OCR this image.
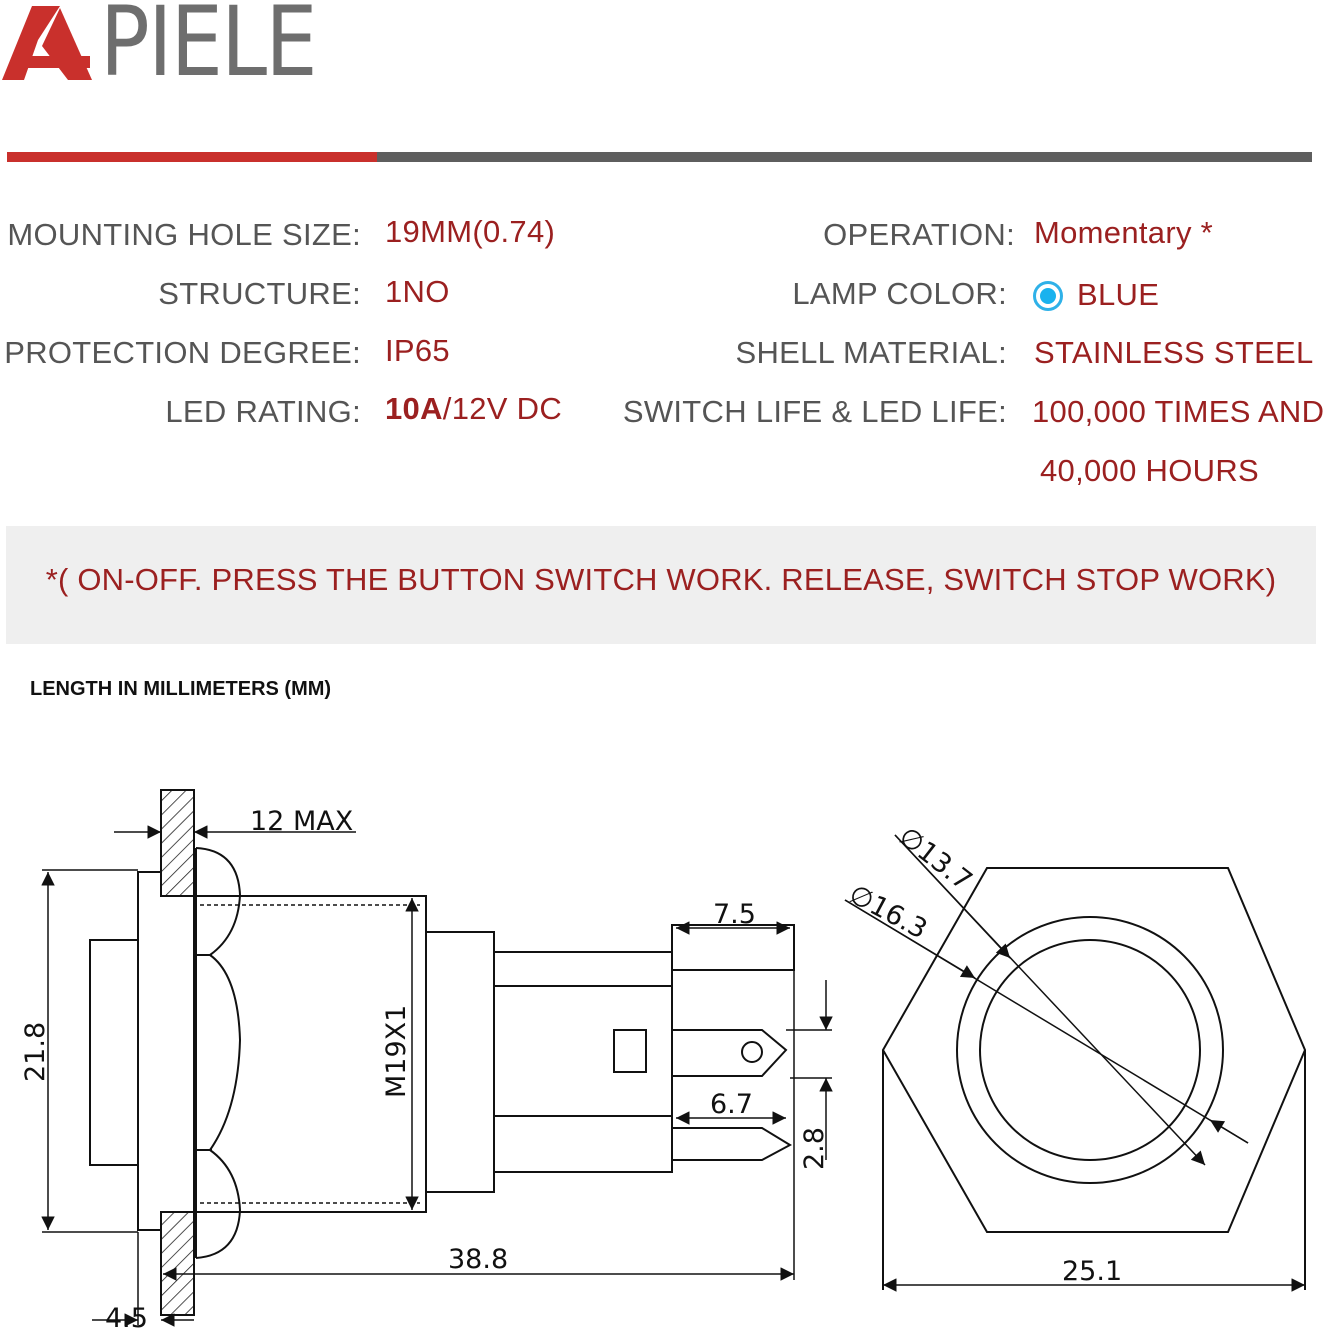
PIELE
MOUNTING HOLE SIZE: 19MM(0.74)
STRUCTURE: 1NO
PROTECTION DEGREE: IP65
LED RATING: 10A/12V DC
OPERATION: Momentary *
LAMP COLOR: BLUE
SHELL MATERIAL: STAINLESS STEEL
SWITCH LIFE & LED LIFE: 100,000 TIMES AND
40,000 HOURS
*( ON-OFF. PRESS THE BUTTON SWITCH WORK. RELEASE, SWITCH STOP WORK)
LENGTH IN MILLIMETERS (MM)
12 MAX
21.8	M19X1
7.5
6.7
2.8
38.8
4.5
∅13.7
∅16.3
25.1
